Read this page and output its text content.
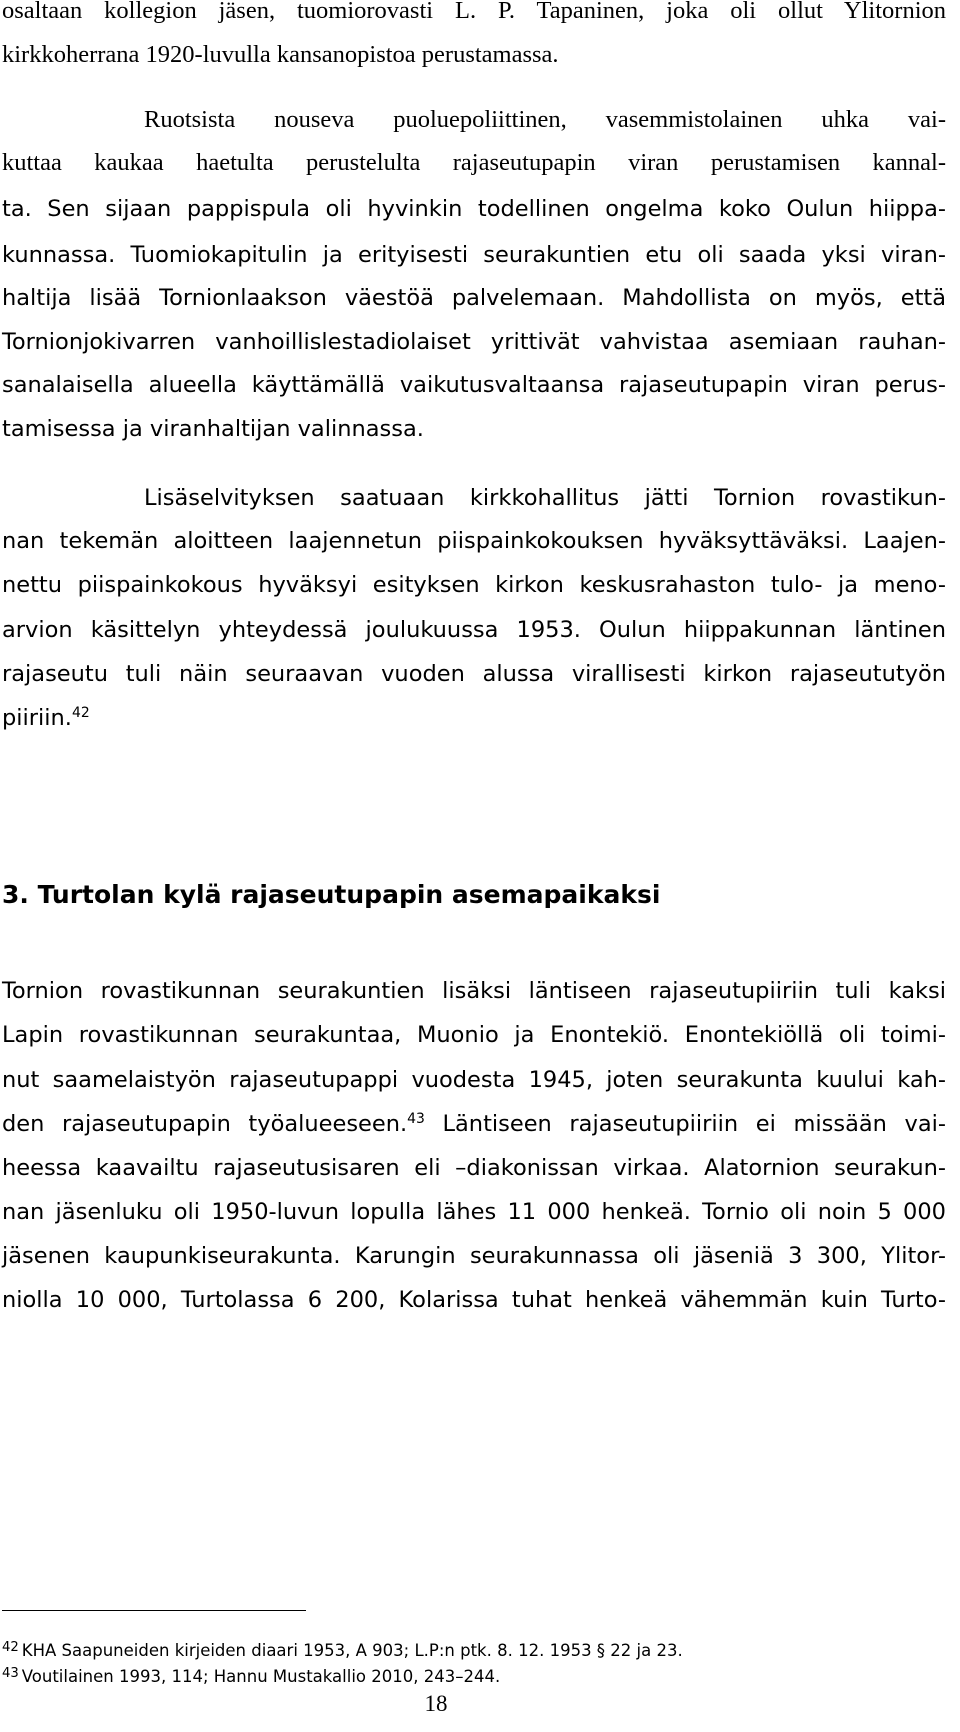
osaltaan kollegion jäsen, tuomiorovasti L. P. Tapaninen, joka oli ollut Ylitornion
kirkkoherrana 1920-luvulla kansanopistoa perustamassa.
Ruotsista nouseva puoluepoliittinen, vasemmistolainen uhka vai-
kuttaa kaukaa haetulta perustelulta rajaseutupapin viran perustamisen kannal-
ta. Sen sijaan pappispula oli hyvinkin todellinen ongelma koko Oulun hiippa-
kunnassa. Tuomiokapitulin ja erityisesti seurakuntien etu oli saada yksi viran-
haltija lisää Tornionlaakson väestöä palvelemaan. Mahdollista on myös, että
Tornionjokivarren vanhoillislestadiolaiset yrittivät vahvistaa asemiaan rauhan-
sanalaisella alueella käyttämällä vaikutusvaltaansa rajaseutupapin viran perus-
tamisessa ja viranhaltijan valinnassa.
Lisäselvityksen saatuaan kirkkohallitus jätti Tornion rovastikun-
nan tekemän aloitteen laajennetun piispainkokouksen hyväksyttäväksi. Laajen-
nettu piispainkokous hyväksyi esityksen kirkon keskusrahaston tulo- ja meno-
arvion käsittelyn yhteydessä joulukuussa 1953. Oulun hiippakunnan läntinen
rajaseutu tuli näin seuraavan vuoden alussa virallisesti kirkon rajaseututyön
piiriin.$^{42}$
3. Turtolan kylä rajaseutupapin asemapaikaksi
Tornion rovastikunnan seurakuntien lisäksi läntiseen rajaseutupiiriin tuli kaksi
Lapin rovastikunnan seurakuntaa, Muonio ja Enontekiö. Enontekiöllä oli toimi-
nut saamelaistyön rajaseutupappi vuodesta 1945, joten seurakunta kuului kah-
den rajaseutupapin työalueeseen.$^{43}$ Läntiseen rajaseutupiiriin ei missään vai-
heessa kaavailtu rajaseutusisaren eli –diakonissan virkaa. Alatornion seurakun-
nan jäsenluku oli 1950-luvun lopulla lähes 11 000 henkeä. Tornio oli noin 5 000
jäsenen kaupunkiseurakunta. Karungin seurakunnassa oli jäseniä 3 300, Ylitor-
niolla 10 000, Turtolassa 6 200, Kolarissa tuhat henkeä vähemmän kuin Turto-
$^{42}$ KHA Saapuneiden kirjeiden diaari 1953, A 903; L.P:n ptk. 8. 12. 1953 § 22 ja 23.
$^{43}$ Voutilainen 1993, 114; Hannu Mustakallio 2010, 243–244.
18
